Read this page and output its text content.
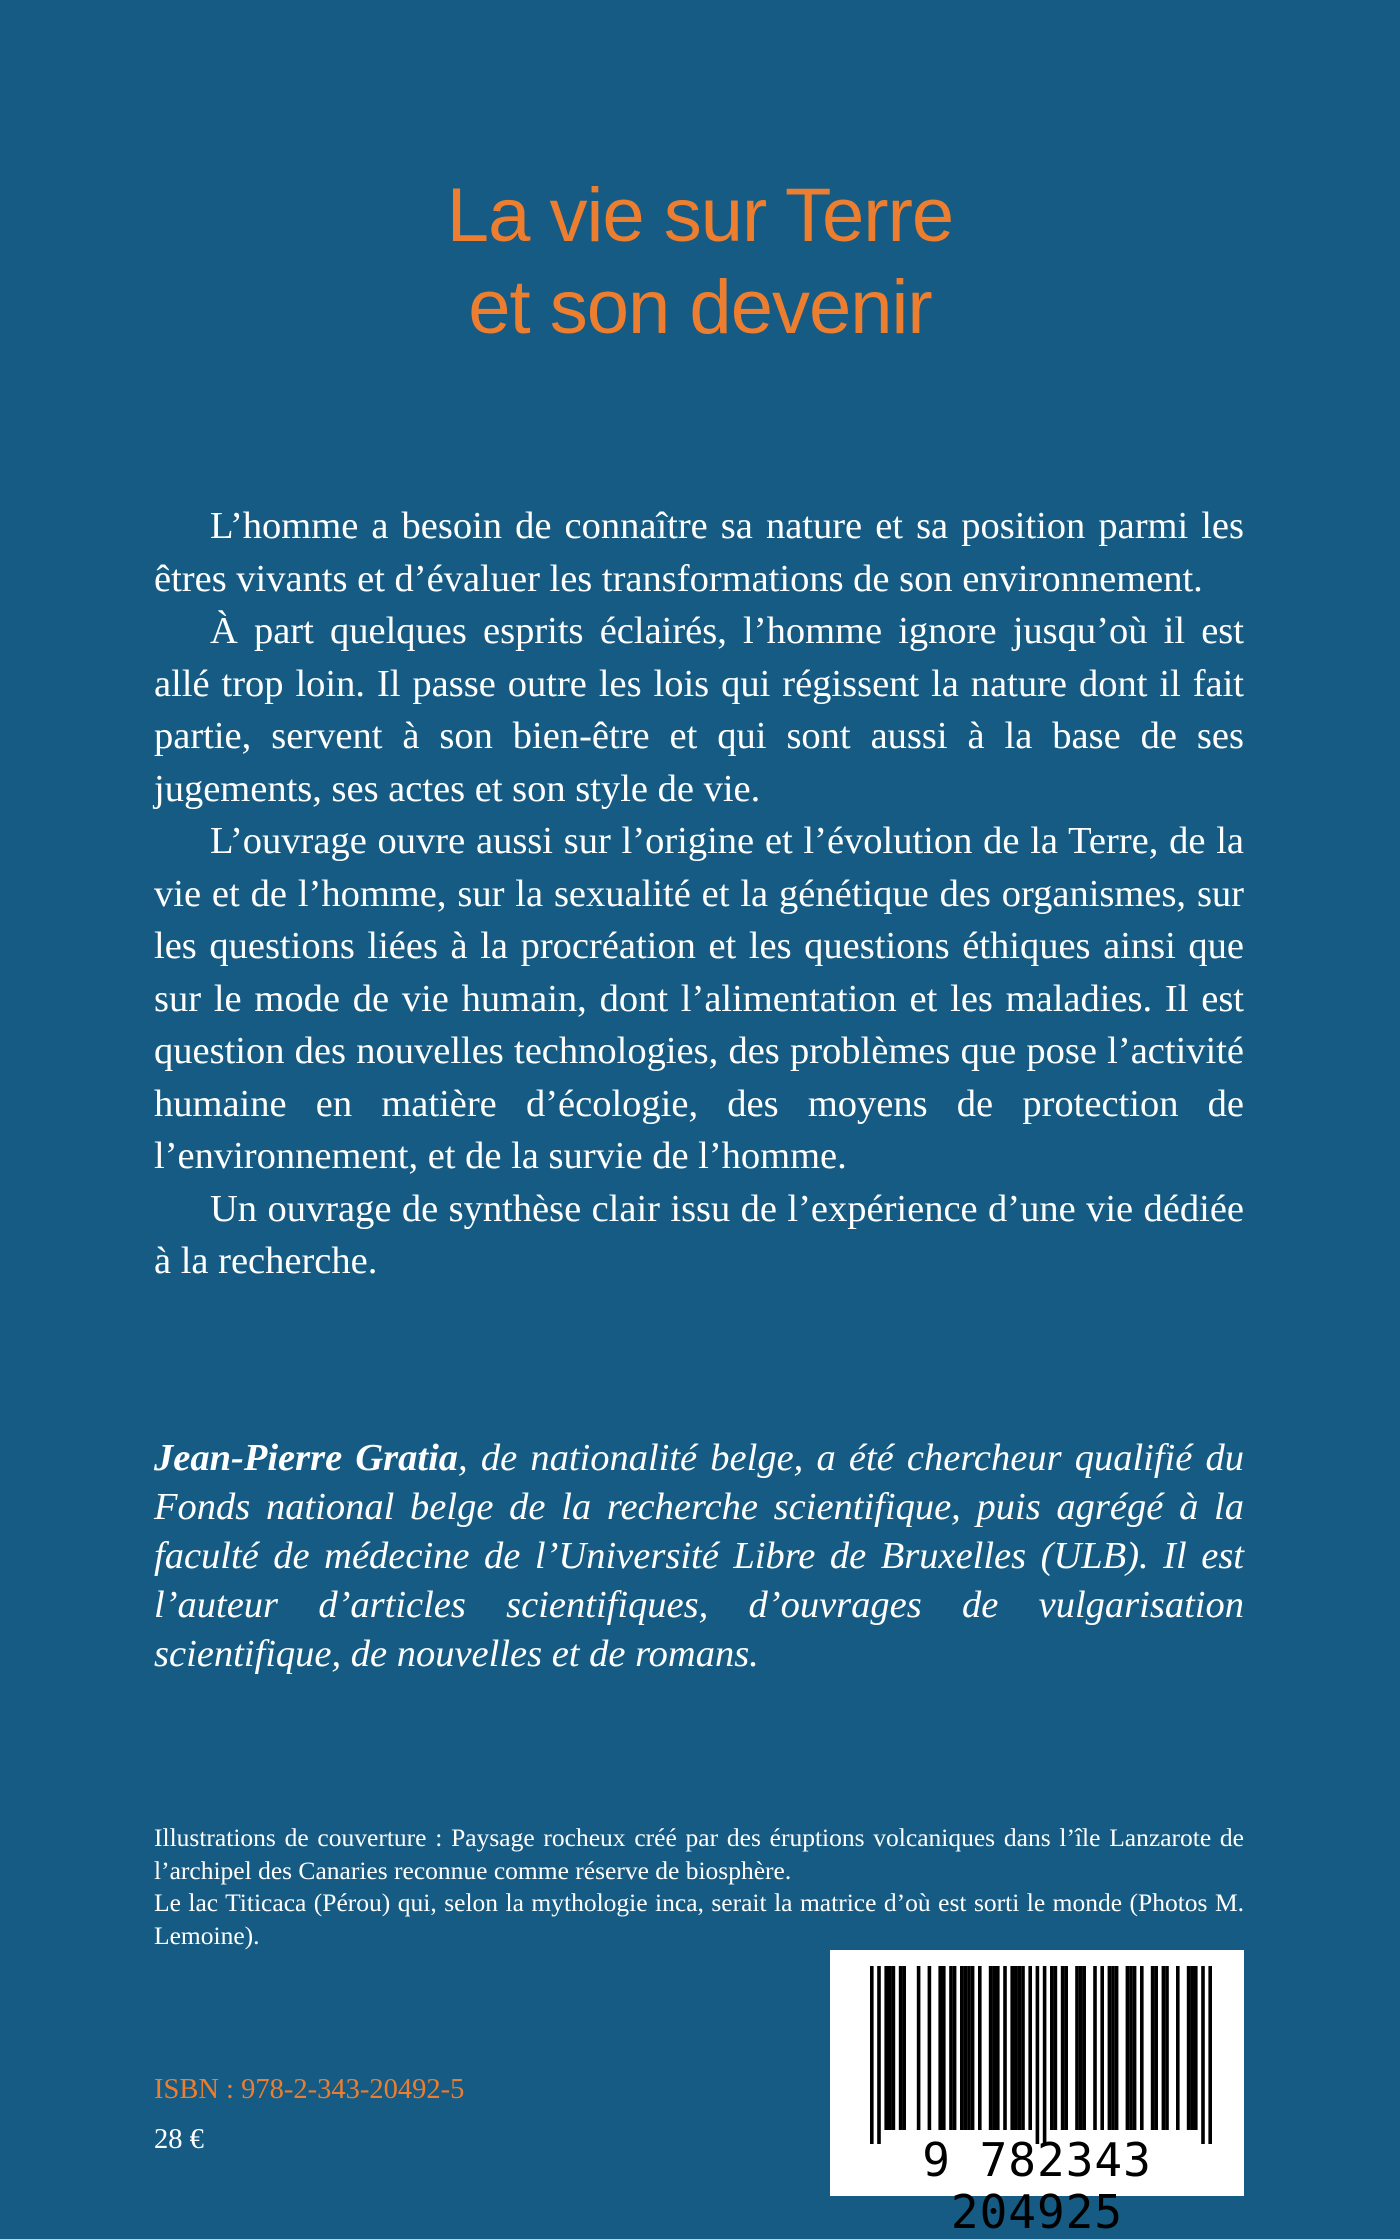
La vie sur Terre
et son devenir

L’homme a besoin de connaître sa nature et sa position parmi les êtres vivants et d’évaluer les transformations de son environnement.

À part quelques esprits éclairés, l’homme ignore jusqu’où il est allé trop loin. Il passe outre les lois qui régissent la nature dont il fait partie, servent à son bien-être et qui sont aussi à la base de ses jugements, ses actes et son style de vie.

L’ouvrage ouvre aussi sur l’origine et l’évolution de la Terre, de la vie et de l’homme, sur la sexualité et la génétique des organismes, sur les questions liées à la procréation et les questions éthiques ainsi que sur le mode de vie humain, dont l’alimentation et les maladies. Il est question des nouvelles technologies, des problèmes que pose l’activité humaine en matière d’écologie, des moyens de protection de l’environnement, et de la survie de l’homme.

Un ouvrage de synthèse clair issu de l’expérience d’une vie dédiée à la recherche.

Jean-Pierre Gratia, de nationalité belge, a été chercheur qualifié du Fonds national belge de la recherche scientifique, puis agrégé à la faculté de médecine de l’Université Libre de Bruxelles (ULB). Il est l’auteur d’articles scientifiques, d’ouvrages de vulgarisation scientifique, de nouvelles et de romans.

Illustrations de couverture : Paysage rocheux créé par des éruptions volcaniques dans l’île Lanzarote de l’archipel des Canaries reconnue comme réserve de biosphère.

Le lac Titicaca (Pérou) qui, selon la mythologie inca, serait la matrice d’où est sorti le monde (Photos M. Lemoine).

ISBN : 978-2-343-20492-5
28 €	9 782343 204925
